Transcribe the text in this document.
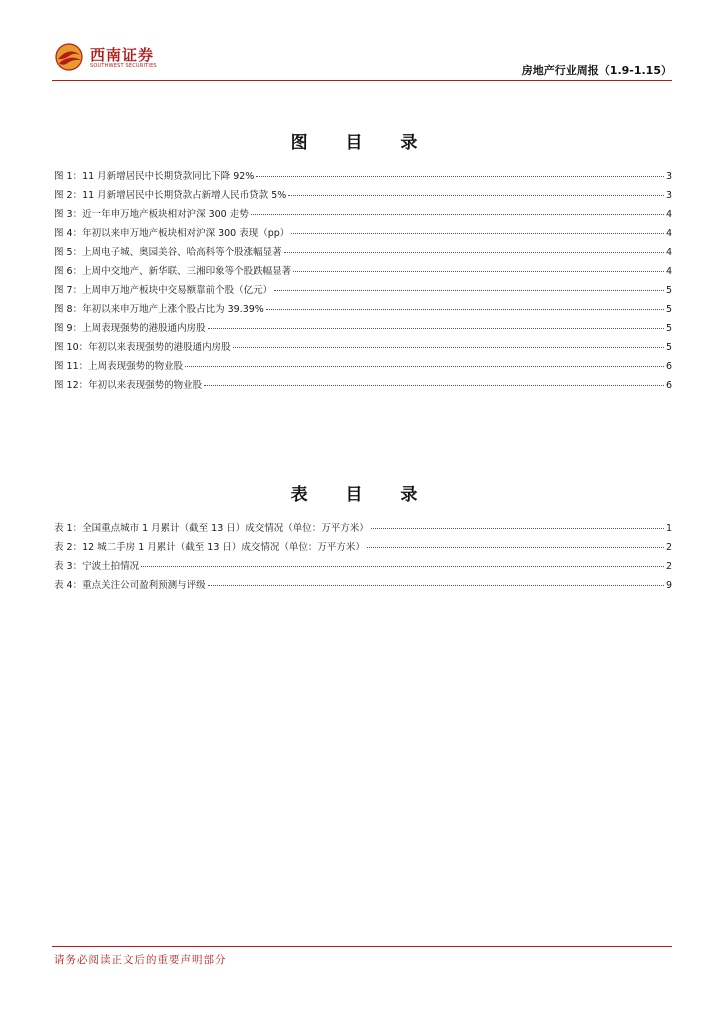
西南证券
SOUTHWEST SECURITIES	房地产行业周报（1.9-1.15）
图 目 录
图 1：11 月新增居民中长期贷款同比下降 92%	3
图 2：11 月新增居民中长期贷款占新增人民币贷款 5%	3
图 3：近一年申万地产板块相对沪深 300 走势	4
图 4：年初以来申万地产板块相对沪深 300 表现（pp）	4
图 5：上周电子城、奥园美谷、哈高科等个股涨幅显著	4
图 6：上周中交地产、新华联、三湘印象等个股跌幅显著	4
图 7：上周申万地产板块中交易额靠前个股（亿元）	5
图 8：年初以来申万地产上涨个股占比为 39.39%	5
图 9：上周表现强势的港股通内房股	5
图 10：年初以来表现强势的港股通内房股	5
图 11：上周表现强势的物业股	6
图 12：年初以来表现强势的物业股	6
表 目 录
表 1：全国重点城市 1 月累计（截至 13 日）成交情况（单位：万平方米）	1
表 2：12 城二手房 1 月累计（截至 13 日）成交情况（单位：万平方米）	2
表 3：宁波土拍情况	2
表 4：重点关注公司盈利预测与评级	9
请务必阅读正文后的重要声明部分
